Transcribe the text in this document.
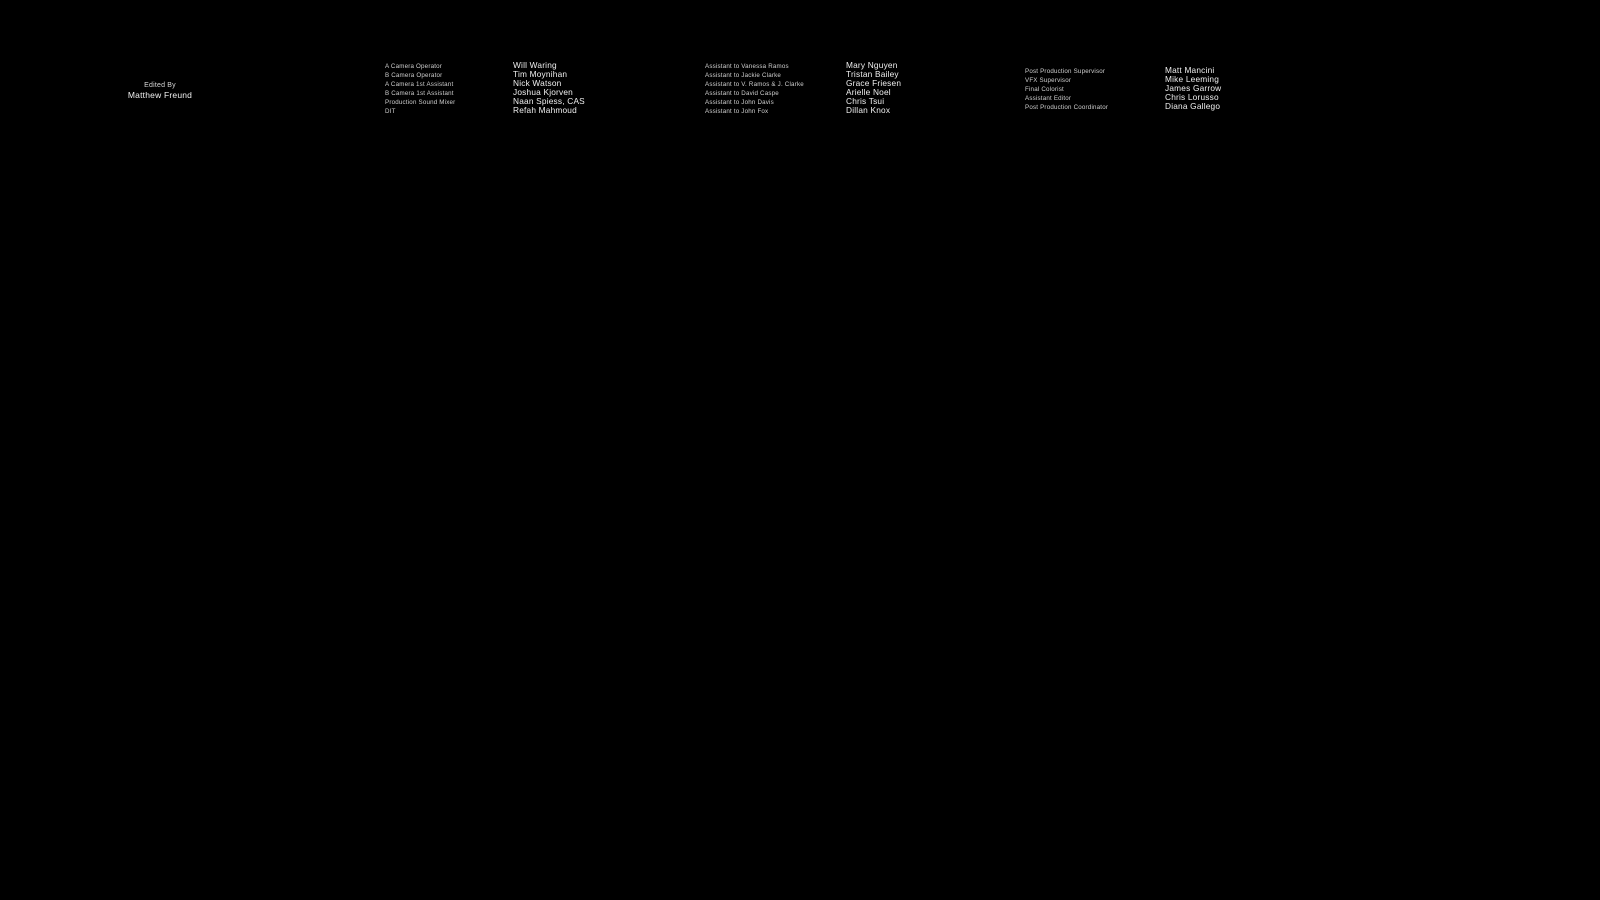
Edited By
Matthew Freund
A Camera Operator
B Camera Operator
A Camera 1st Assistant
B Camera 1st Assistant
Production Sound Mixer
DIT
Will Waring
Tim Moynihan
Nick Watson
Joshua Kjorven
Naan Spiess, CAS
Refah Mahmoud
Assistant to Vanessa Ramos
Assistant to Jackie Clarke
Assistant to V. Ramos & J. Clarke
Assistant to David Caspe
Assistant to John Davis
Assistant to John Fox
Mary Nguyen
Tristan Bailey
Grace Friesen
Arielle Noel
Chris Tsui
Dillan Knox
Post Production Supervisor
VFX Supervisor
Final Colorist
Assistant Editor
Post Production Coordinator
Matt Mancini
Mike Leeming
James Garrow
Chris Lorusso
Diana Gallego
